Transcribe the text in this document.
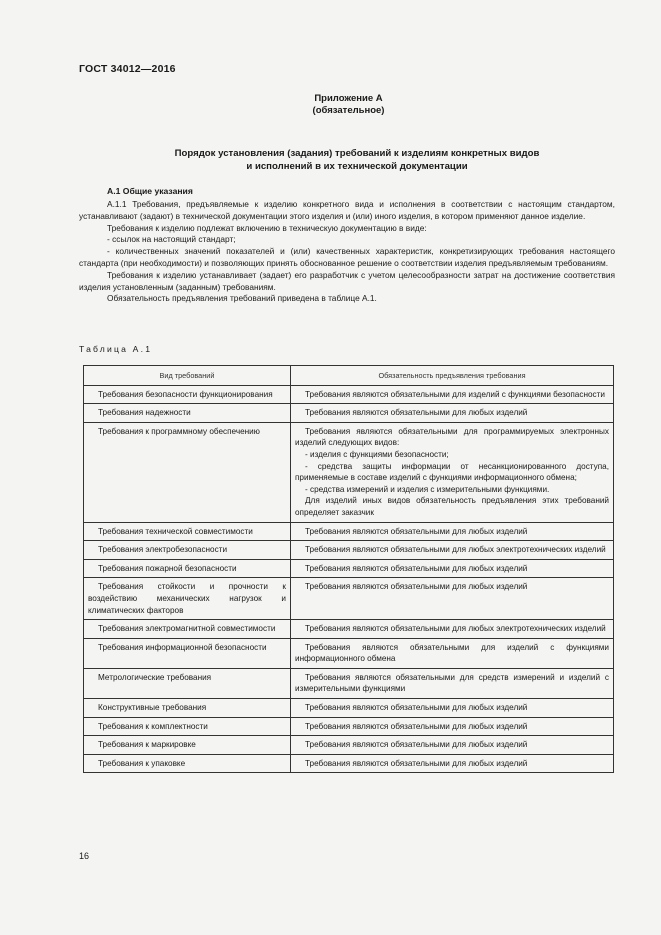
ГОСТ 34012—2016
Приложение А
(обязательное)
Порядок установления (задания) требований к изделиям конкретных видов
и исполнений в их технической документации
А.1 Общие указания

А.1.1 Требования, предъявляемые к изделию конкретного вида и исполнения в соответствии с настоящим стандартом, устанавливают (задают) в технической документации этого изделия и (или) иного изделия, в котором применяют данное изделие.

Требования к изделию подлежат включению в техническую документацию в виде:

- ссылок на настоящий стандарт;

- количественных значений показателей и (или) качественных характеристик, конкретизирующих требования настоящего стандарта (при необходимости) и позволяющих принять обоснованное решение о соответствии изделия предъявляемым требованиям.

Требования к изделию устанавливает (задает) его разработчик с учетом целесообразности затрат на достижение соответствия изделия установленным (заданным) требованиям.

Обязательность предъявления требований приведена в таблице А.1.

Таблица А.1
Вид требований	Обязательность предъявления требования

Требования безопасности функционирования	Требования являются обязательными для изделий с функциями безопасности

Требования надежности	Требования являются обязательными для любых изделий

Требования к программному обеспечению	Требования являются обязательными для программируемых электронных изделий следующих видов:
- изделия с функциями безопасности;
- средства защиты информации от несанкционированного доступа, применяемые в составе изделий с функциями информационного обмена;
- средства измерений и изделия с измерительными функциями.
Для изделий иных видов обязательность предъявления этих требований определяет заказчик

Требования технической совместимости	Требования являются обязательными для любых изделий

Требования электробезопасности	Требования являются обязательными для любых электротехнических изделий

Требования пожарной безопасности	Требования являются обязательными для любых изделий

Требования стойкости и прочности к воздействию механических нагрузок и климатических факторов	Требования являются обязательными для любых изделий

Требования электромагнитной совместимости	Требования являются обязательными для любых электротехнических изделий

Требования информационной безопасности	Требования являются обязательными для изделий с функциями информационного обмена

Метрологические требования	Требования являются обязательными для средств измерений и изделий с измерительными функциями

Конструктивные требования	Требования являются обязательными для любых изделий

Требования к комплектности	Требования являются обязательными для любых изделий

Требования к маркировке	Требования являются обязательными для любых изделий

Требования к упаковке	Требования являются обязательными для любых изделий
16
